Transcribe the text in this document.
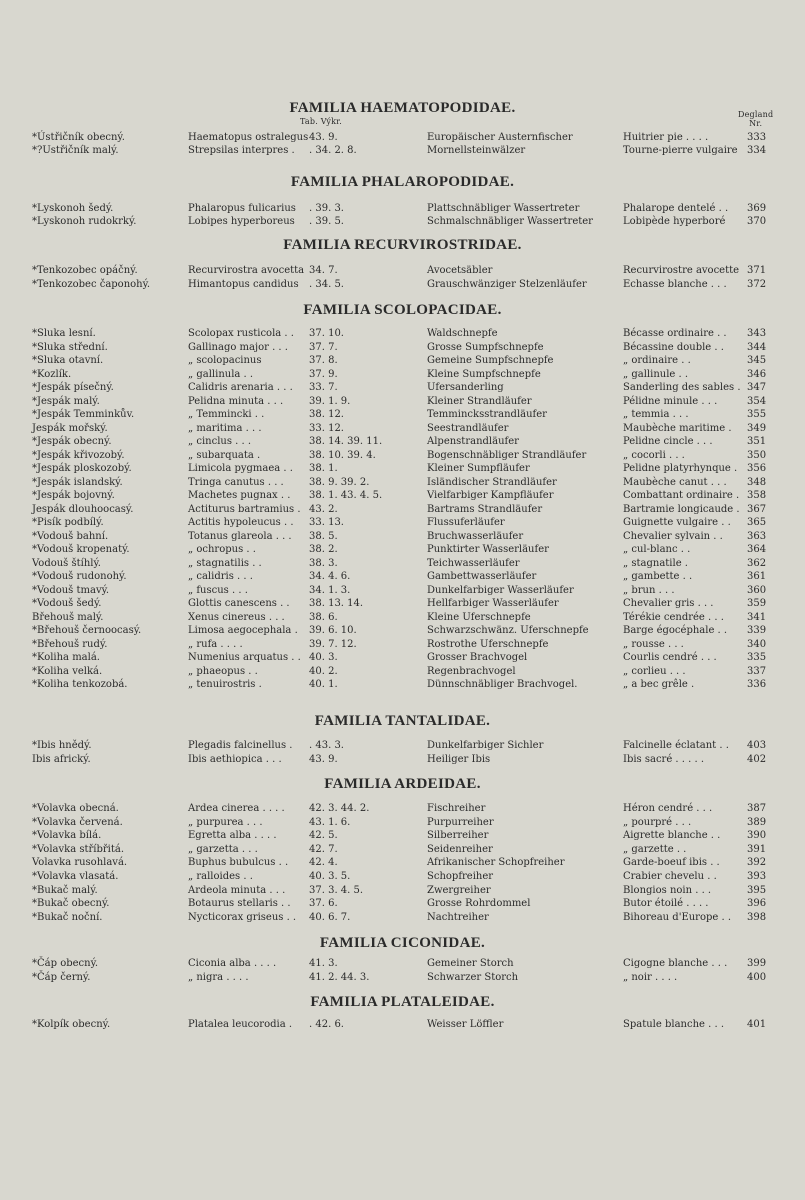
Tab. Výkr.
Degland
Nr.
FAMILIA HAEMATOPODIDAE.
*Ústřičník obecný.	Haematopus ostralegus 43. 9.	Europäischer Austernfischer	Huitrier pie . . . .	333
*?Ustřičník malý.	Strepsilas interpres . . 34. 2. 8.	Mornellsteinwälzer	Tourne-pierre vulgaire 334
FAMILIA PHALAROPODIDAE.
*Lyskonoh šedý.	Phalaropus fulicarius . 39. 3.	Plattschnäbliger Wassertreter	Phalarope dentelé . . 369
*Lyskonoh rudokrký.	Lobipes hyperboreus . 39. 5.	Schmalschnäbliger Wassertreter	Lobipède hyperboré 370
FAMILIA RECURVIROSTRIDAE.
*Tenkozobec opáčný.	Recurvirostra avocetta 34. 7.	Avocetsäbler	Recurvirostre avocette 371
*Tenkozobec čaponohý.	Himantopus candidus . 34. 5.	Grauschwänziger Stelzenläufer	Echasse blanche . . . 372
FAMILIA SCOLOPACIDAE.
*Sluka lesní.	Scolopax rusticola . . 37. 10.	Waldschnepfe	Bécasse ordinaire . . 343
*Sluka střední.	Gallinago major . . . 37. 7.	Grosse Sumpfschnepfe	Bécassine double . . 344
*Sluka otavní.	„ scolopacinus	37. 8.	Gemeine Sumpfschnepfe	„ ordinaire . .	345
*Kozlík.	„ gallinula . .	37. 9.	Kleine Sumpfschnepfe	„ gallinule . .	346
*Jespák písečný.	Calidris arenaria . . . 33. 7.	Ufersanderling	Sanderling des sables . 347
*Jespák malý.	Pelidna minuta . . .	39. 1. 9.	Kleiner Strandläufer	Pélidne minule . . .	354
*Jespák Temminkův.	„ Temmincki . .	38. 12.	Temmincksstrandläufer	„ temmia . . .	355
Jespák mořský.	„ maritima . . .	33. 12.	Seestrandläufer	Maubèche maritime . 349
*Jespák obecný.	„ cinclus . . .	38. 14. 39. 11.	Alpenstrandläufer	Pelidne cincle . . .	351
*Jespák křivozobý.	„ subarquata .	38. 10. 39. 4.	Bogenschnäbliger Strandläufer	„ cocorli . . .	350
*Jespák ploskozobý.	Limicola pygmaea . . 38. 1.	Kleiner Sumpfläufer	Pelidne platyrhynque . 356
*Jespák islandský.	Tringa canutus . . .	38. 9. 39. 2.	Isländischer Strandläufer	Maubèche canut . . . 348
*Jespák bojovný.	Machetes pugnax . . 38. 1. 43. 4. 5.	Vielfarbiger Kampfläufer	Combattant ordinaire . 358
Jespák dlouhoocasý.	Actiturus bartramius . 43. 2.	Bartrams Strandläufer	Bartramie longicaude . 367
*Pisík podbílý.	Actitis hypoleucus . . 33. 13.	Flussuferläufer	Guignette vulgaire . . 365
*Vodouš bahní.	Totanus glareola . . . 38. 5.	Bruchwasserläufer	Chevalier sylvain . . 363
*Vodouš kropenatý.	„ ochropus . .	38. 2.	Punktirter Wasserläufer	„ cul-blanc . .	364
Vodouš štíhlý.	„ stagnatilis . .	38. 3.	Teichwasserläufer	„ stagnatile .	362
*Vodouš rudonohý.	„ calidris . . .	34. 4. 6.	Gambettwasserläufer	„ gambette . .	361
*Vodouš tmavý.	„ fuscus . . .	34. 1. 3.	Dunkelfarbiger Wasserläufer	„ brun . . .	360
*Vodouš šedý.	Glottis canescens . . 38. 13. 14.	Hellfarbiger Wasserläufer	Chevalier gris . . .	359
Břehouš malý.	Xenus cinereus . . . 38. 6.	Kleine Uferschnepfe	Térékie cendrée . . . 341
*Břehouš černoocasý.	Limosa aegocephala . 39. 6. 10.	Schwarzschwänz. Uferschnepfe	Barge égocéphale . . 339
*Břehouš rudý.	„ rufa . . . .	39. 7. 12.	Rostrothe Uferschnepfe	„ rousse . . .	340
*Koliha malá.	Numenius arquatus . . 40. 3.	Grosser Brachvogel	Courlis cendré . . .	335
*Koliha velká.	„ phaeopus . .	40. 2.	Regenbrachvogel	„ corlieu . . .	337
*Koliha tenkozobá.	„ tenuirostris .	40. 1.	Dünnschnäbliger Brachvogel.	„ a bec grêle .	336
FAMILIA TANTALIDAE.
*Ibis hnědý.	Plegadis falcinellus . . 43. 3.	Dunkelfarbiger Sichler	Falcinelle éclatant . . 403
Ibis africký.	Ibis aethiopica . . .	43. 9.	Heiliger Ibis	Ibis sacré . . . . .	402
FAMILIA ARDEIDAE.
*Volavka obecná.	Ardea cinerea . . . . 42. 3. 44. 2.	Fischreiher	Héron cendré . . .	387
*Volavka červená.	„ purpurea . . .	43. 1. 6.	Purpurreiher	„ pourpré . . .	389
*Volavka bílá.	Egretta alba . . . .	42. 5.	Silberreiher	Aigrette blanche . .	390
*Volavka stříbřitá.	„ garzetta . . .	42. 7.	Seidenreiher	„ garzette . .	391
Volavka rusohlavá.	Buphus bubulcus . . 42. 4.	Afrikanischer Schopfreiher	Garde-boeuf ibis . .	392
*Volavka vlasatá.	„ ralloides . .	40. 3. 5.	Schopfreiher	Crabier chevelu . .	393
*Bukač malý.	Ardeola minuta . . . 37. 3. 4. 5.	Zwergreiher	Blongios noin . . .	395
*Bukač obecný.	Botaurus stellaris . . 37. 6.	Grosse Rohrdommel	Butor étoilé . . . .	396
*Bukač noční.	Nycticorax griseus . . 40. 6. 7.	Nachtreiher	Bihoreau d'Europe . . 398
FAMILIA CICONIDAE.
*Čáp obecný.	Ciconia alba . . . .	41. 3.	Gemeiner Storch	Cigogne blanche . . . 399
*Čáp černý.	„ nigra . . . .	41. 2. 44. 3.	Schwarzer Storch	„ noir . . . .	400
FAMILIA PLATALEIDAE.
*Kolpík obecný.	Platalea leucorodia . . 42. 6.	Weisser Löffler	Spatule blanche . . . 401
